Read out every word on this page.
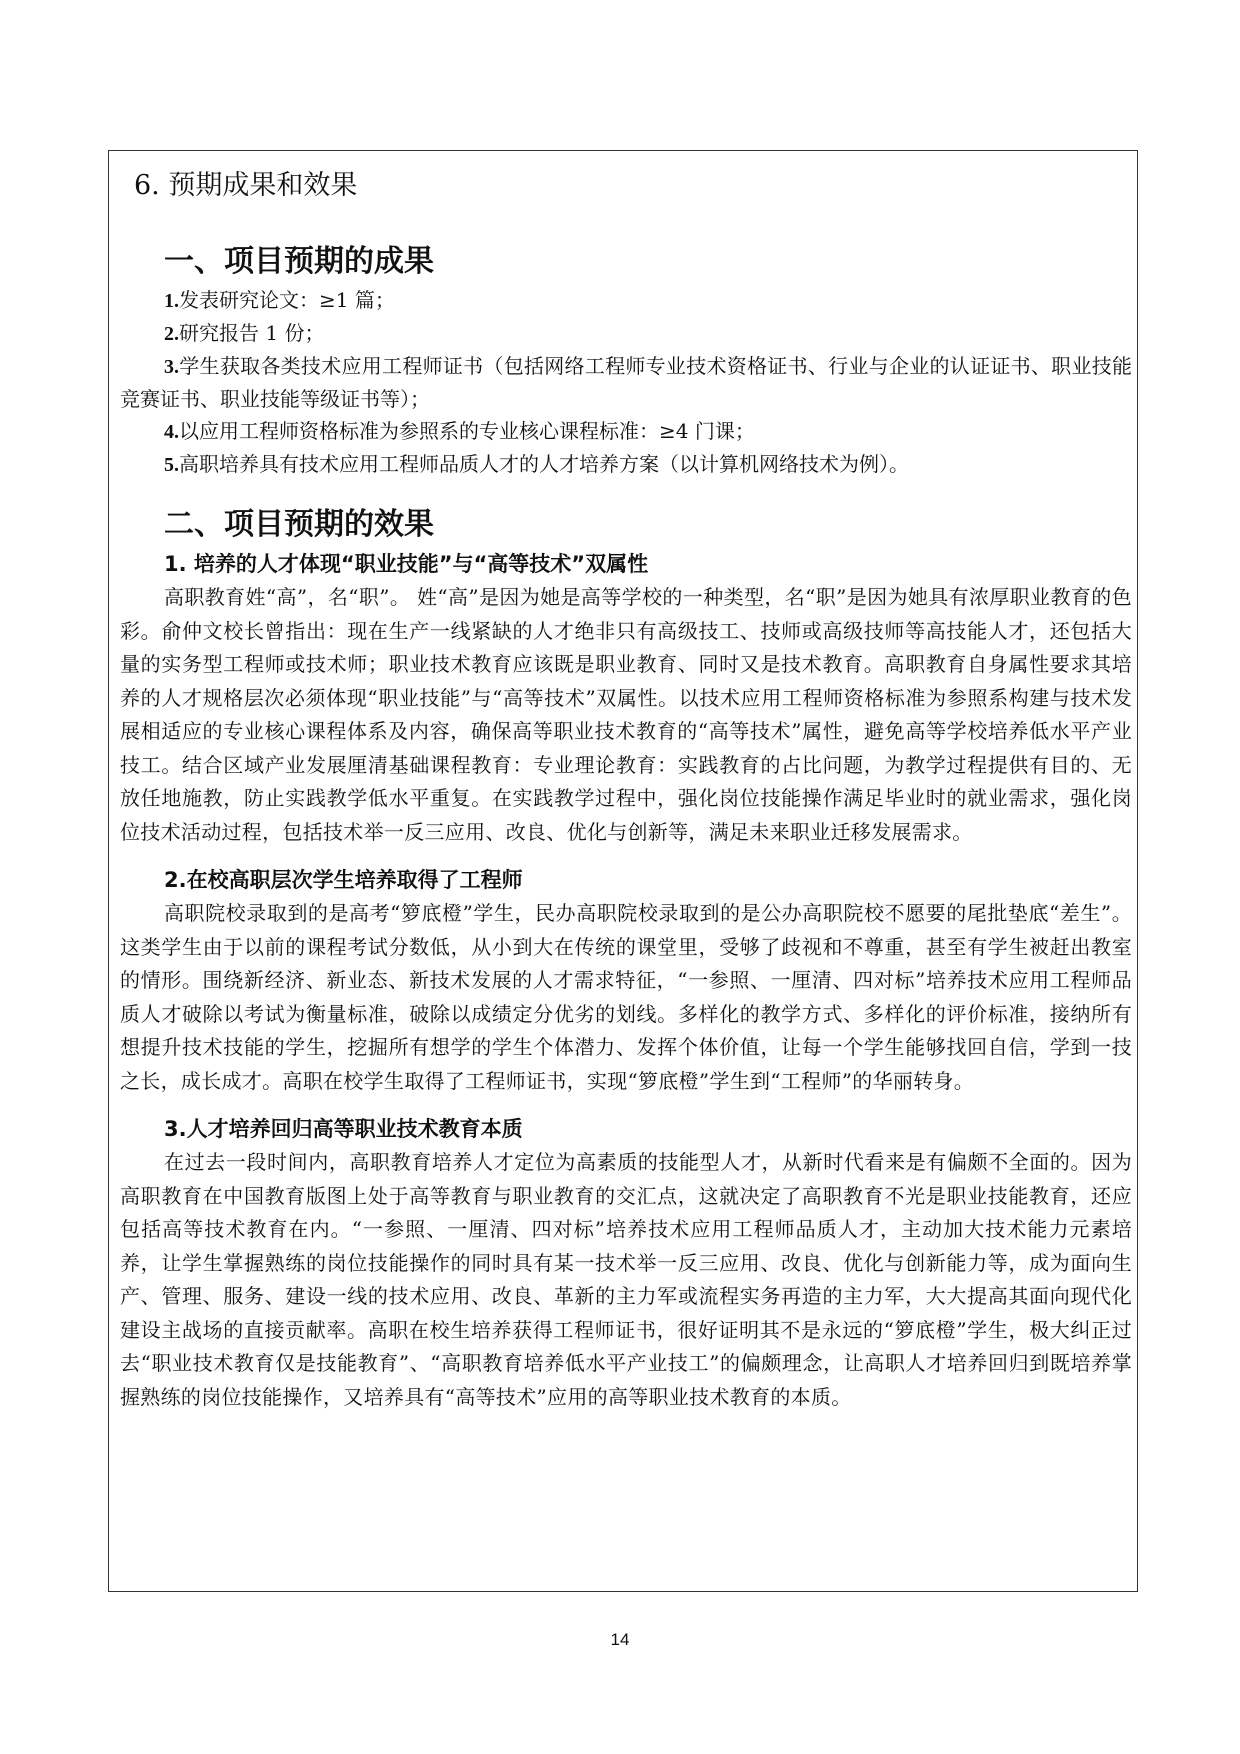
6. 预期成果和效果
一、项目预期的成果

1.发表研究论文：≥1 篇；

2.研究报告 1 份；

3.学生获取各类技术应用工程师证书（包括网络工程师专业技术资格证书、行业与企业的认证证书、职业技能竞赛证书、职业技能等级证书等）；

4.以应用工程师资格标准为参照系的专业核心课程标准：≥4 门课；

5.高职培养具有技术应用工程师品质人才的人才培养方案（以计算机网络技术为例）。

二、项目预期的效果
1. 培养的人才体现“职业技能”与“高等技术”双属性

高职教育姓“高”，名“职”。 姓“高”是因为她是高等学校的一种类型，名“职”是因为她具有浓厚职业教育的色彩。俞仲文校长曾指出：现在生产一线紧缺的人才绝非只有高级技工、技师或高级技师等高技能人才，还包括大量的实务型工程师或技术师；职业技术教育应该既是职业教育、同时又是技术教育。高职教育自身属性要求其培养的人才规格层次必须体现“职业技能”与“高等技术”双属性。以技术应用工程师资格标准为参照系构建与技术发展相适应的专业核心课程体系及内容，确保高等职业技术教育的“高等技术”属性，避免高等学校培养低水平产业技工。结合区域产业发展厘清基础课程教育：专业理论教育：实践教育的占比问题，为教学过程提供有目的、无放任地施教，防止实践教学低水平重复。在实践教学过程中，强化岗位技能操作满足毕业时的就业需求，强化岗位技术活动过程，包括技术举一反三应用、改良、优化与创新等，满足未来职业迁移发展需求。

2.在校高职层次学生培养取得了工程师

高职院校录取到的是高考“箩底橙”学生，民办高职院校录取到的是公办高职院校不愿要的尾批垫底“差生”。这类学生由于以前的课程考试分数低，从小到大在传统的课堂里，受够了歧视和不尊重，甚至有学生被赶出教室的情形。围绕新经济、新业态、新技术发展的人才需求特征，“一参照、一厘清、四对标”培养技术应用工程师品质人才破除以考试为衡量标准，破除以成绩定分优劣的划线。多样化的教学方式、多样化的评价标准，接纳所有想提升技术技能的学生，挖掘所有想学的学生个体潜力、发挥个体价值，让每一个学生能够找回自信，学到一技之长，成长成才。高职在校学生取得了工程师证书，实现“箩底橙”学生到“工程师”的华丽转身。

3.人才培养回归高等职业技术教育本质

在过去一段时间内，高职教育培养人才定位为高素质的技能型人才，从新时代看来是有偏颇不全面的。因为高职教育在中国教育版图上处于高等教育与职业教育的交汇点，这就决定了高职教育不光是职业技能教育，还应包括高等技术教育在内。“一参照、一厘清、四对标”培养技术应用工程师品质人才，主动加大技术能力元素培养，让学生掌握熟练的岗位技能操作的同时具有某一技术举一反三应用、改良、优化与创新能力等，成为面向生产、管理、服务、建设一线的技术应用、改良、革新的主力军或流程实务再造的主力军，大大提高其面向现代化建设主战场的直接贡献率。高职在校生培养获得工程师证书，很好证明其不是永远的“箩底橙”学生，极大纠正过去“职业技术教育仅是技能教育”、“高职教育培养低水平产业技工”的偏颇理念，让高职人才培养回归到既培养掌握熟练的岗位技能操作，又培养具有“高等技术”应用的高等职业技术教育的本质。

14
